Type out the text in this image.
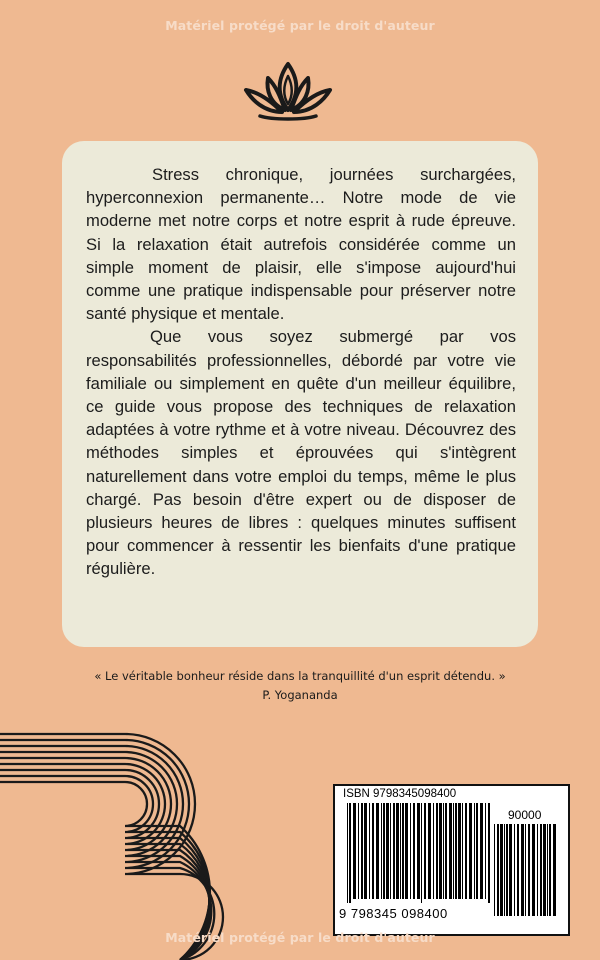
Matériel protégé par le droit d'auteur

Stress chronique, journées surchargées, hyperconnexion permanente… Notre mode de vie moderne met notre corps et notre esprit à rude épreuve. Si la relaxation était autrefois considérée comme un simple moment de plaisir, elle s'impose aujourd'hui comme une pratique indispensable pour préserver notre santé physique et mentale.

Que vous soyez submergé par vos responsabilités professionnelles, débordé par votre vie familiale ou simplement en quête d'un meilleur équilibre, ce guide vous propose des techniques de relaxation adaptées à votre rythme et à votre niveau. Découvrez des méthodes simples et éprouvées qui s'intègrent naturellement dans votre emploi du temps, même le plus chargé. Pas besoin d'être expert ou de disposer de plusieurs heures de libres : quelques minutes suffisent pour commencer à ressentir les bienfaits d'une pratique régulière.

« Le véritable bonheur réside dans la tranquillité d'un esprit détendu. »
P. Yogananda
ISBN 9798345098400
90000
9 798345 098400
Matériel protégé par le droit d'auteur
